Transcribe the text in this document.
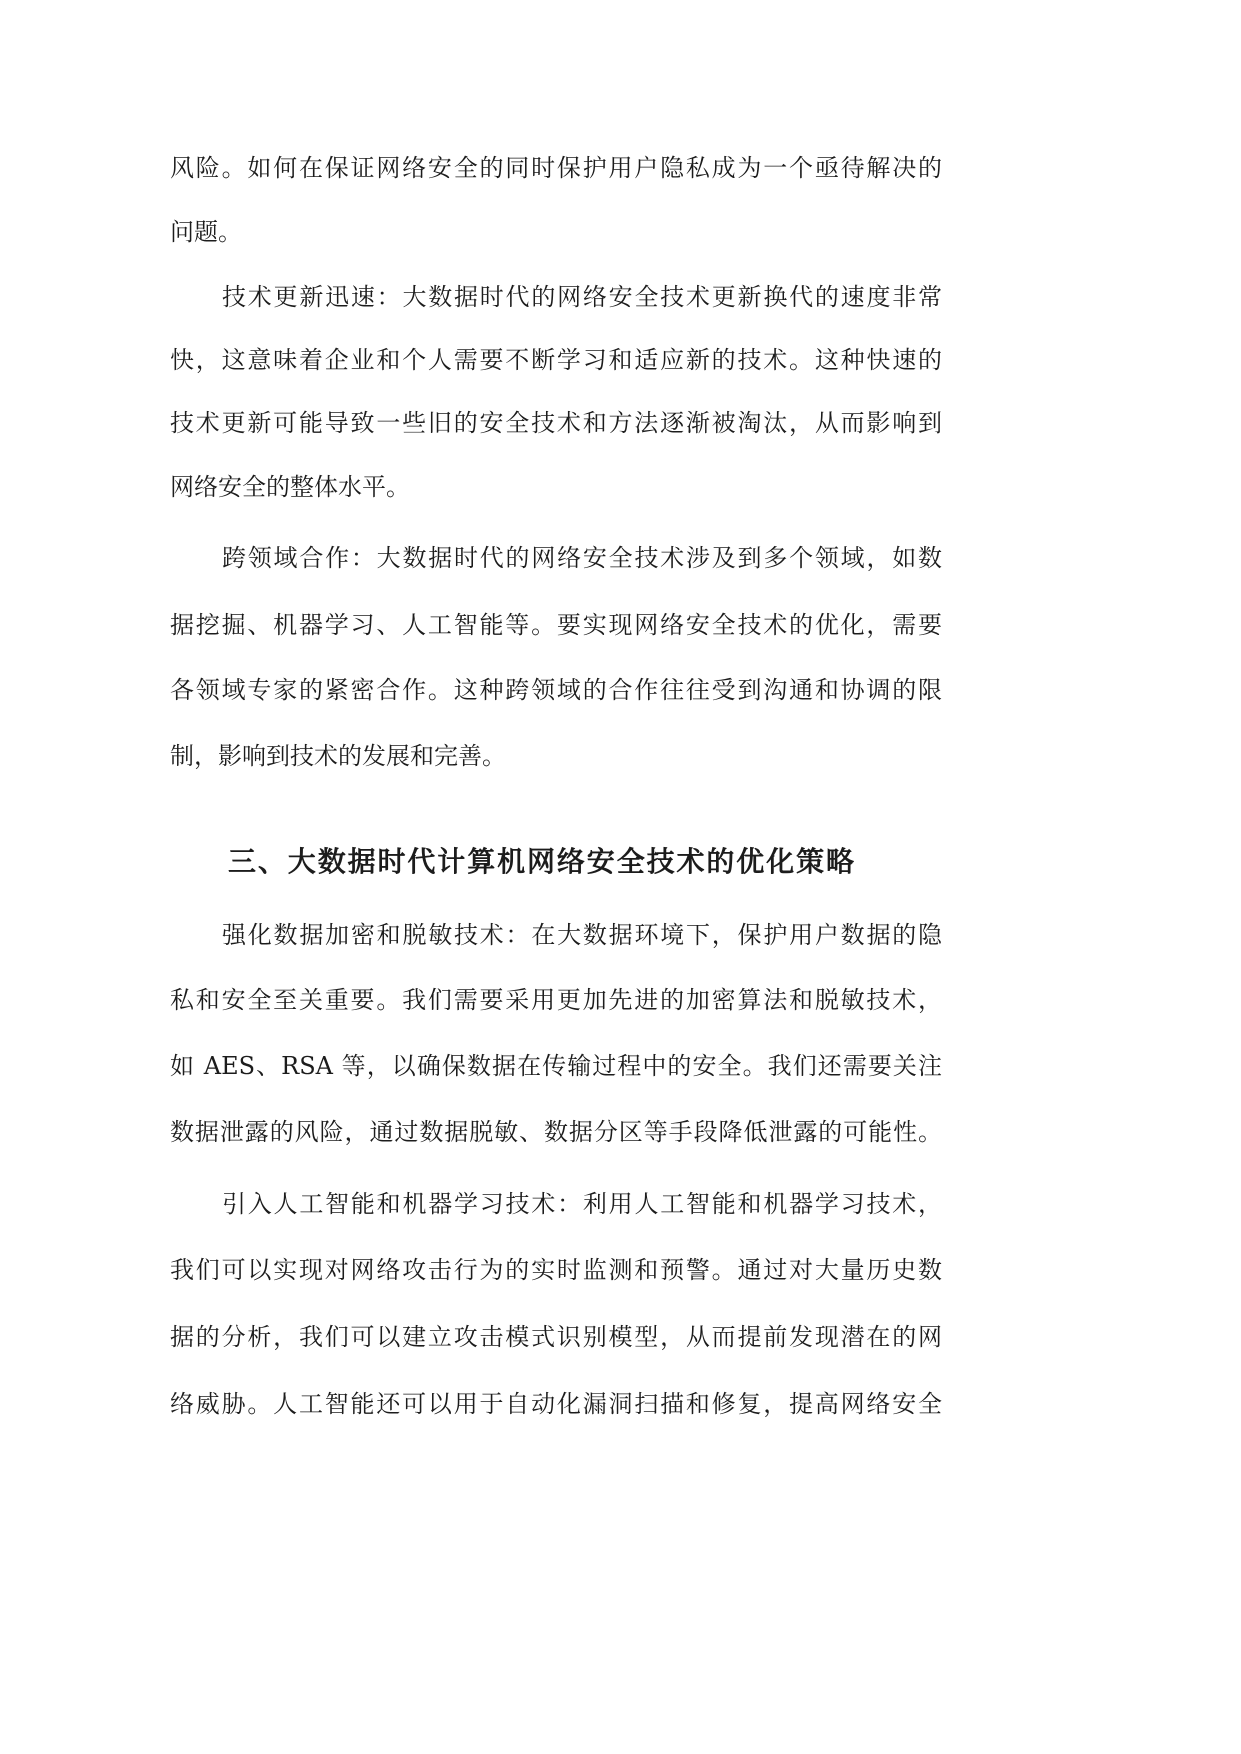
风险。如何在保证网络安全的同时保护用户隐私成为一个亟待解决的
问题。
技术更新迅速：大数据时代的网络安全技术更新换代的速度非常
快，这意味着企业和个人需要不断学习和适应新的技术。这种快速的
技术更新可能导致一些旧的安全技术和方法逐渐被淘汰，从而影响到
网络安全的整体水平。
跨领域合作：大数据时代的网络安全技术涉及到多个领域，如数
据挖掘、机器学习、人工智能等。要实现网络安全技术的优化，需要
各领域专家的紧密合作。这种跨领域的合作往往受到沟通和协调的限
制，影响到技术的发展和完善。
三、大数据时代计算机网络安全技术的优化策略
强化数据加密和脱敏技术：在大数据环境下，保护用户数据的隐
私和安全至关重要。我们需要采用更加先进的加密算法和脱敏技术，
如 AES、RSA 等，以确保数据在传输过程中的安全。我们还需要关注
数据泄露的风险，通过数据脱敏、数据分区等手段降低泄露的可能性。
引入人工智能和机器学习技术：利用人工智能和机器学习技术，
我们可以实现对网络攻击行为的实时监测和预警。通过对大量历史数
据的分析，我们可以建立攻击模式识别模型，从而提前发现潜在的网
络威胁。人工智能还可以用于自动化漏洞扫描和修复，提高网络安全
